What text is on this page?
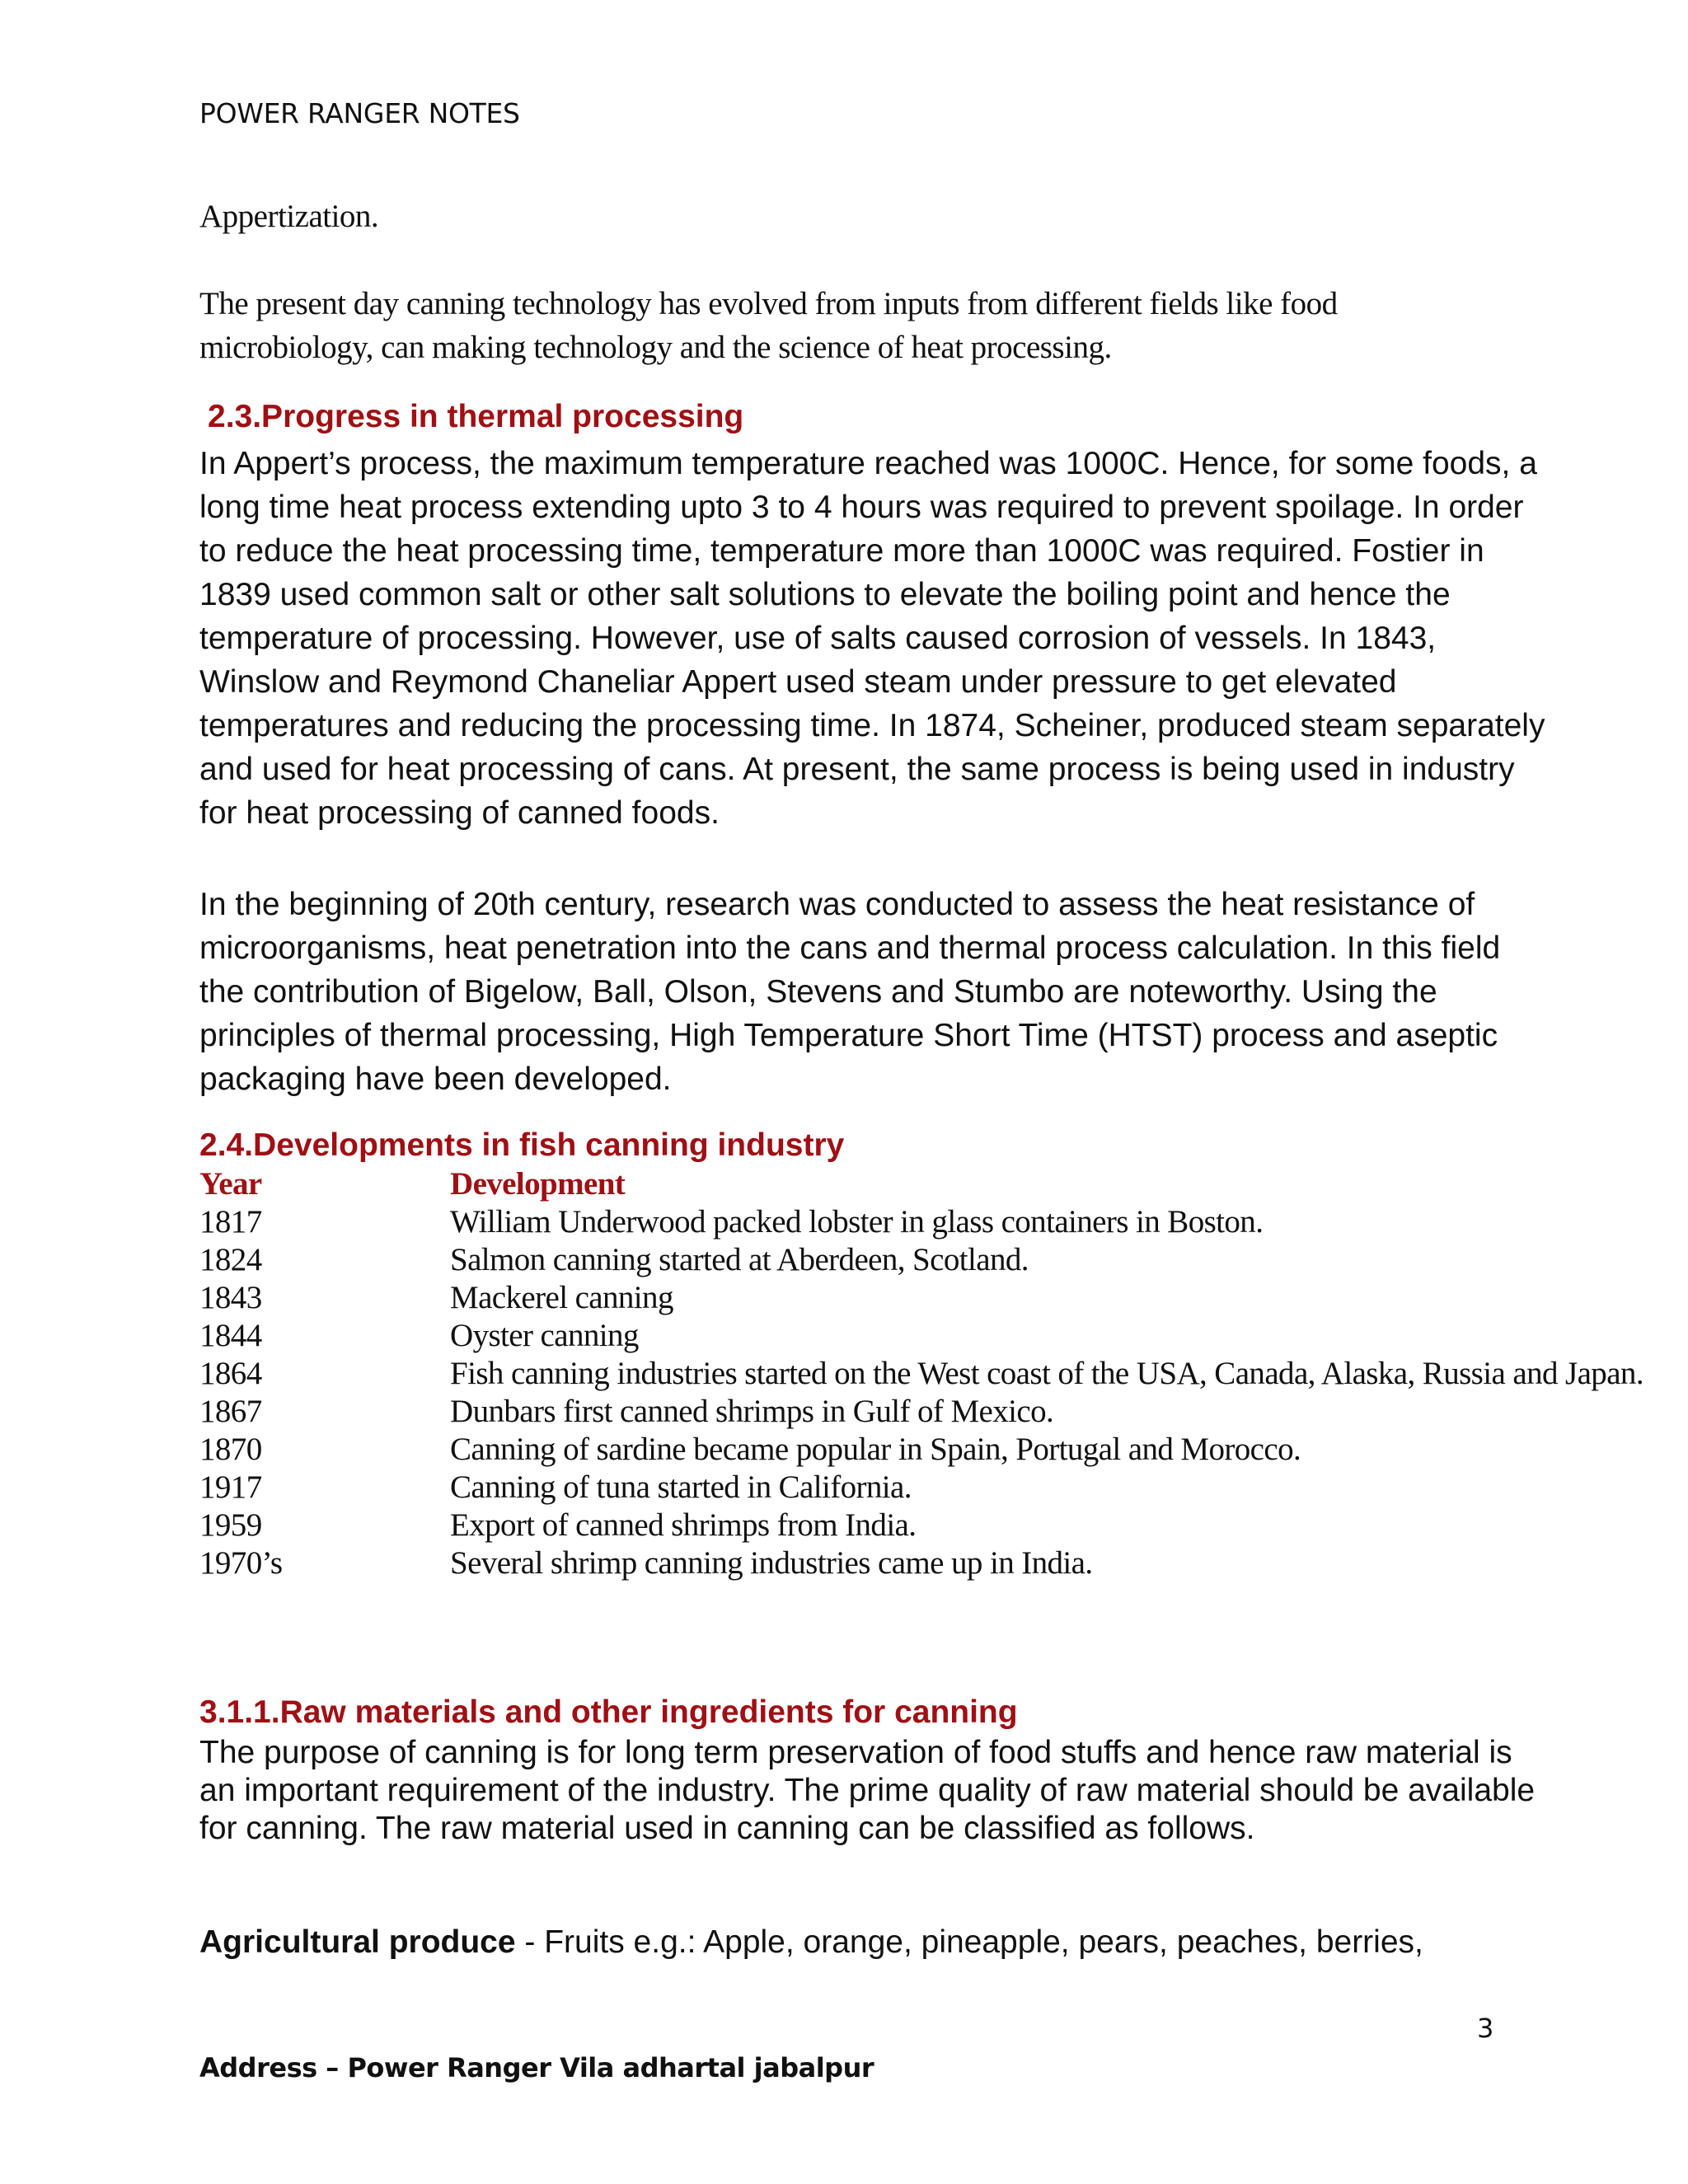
POWER RANGER NOTES
Appertization.
The present day canning technology has evolved from inputs from different fields like food microbiology, can making technology and the science of heat processing.
2.3.Progress in thermal processing
In Appert’s process, the maximum temperature reached was 1000C. Hence, for some foods, a long time heat process extending upto 3 to 4 hours was required to prevent spoilage. In order to reduce the heat processing time, temperature more than 1000C was required. Fostier in 1839 used common salt or other salt solutions to elevate the boiling point and hence the temperature of processing. However, use of salts caused corrosion of vessels. In 1843, Winslow and Reymond Chaneliar Appert used steam under pressure to get elevated temperatures and reducing the processing time. In 1874, Scheiner, produced steam separately and used for heat processing of cans. At present, the same process is being used in industry for heat processing of canned foods.
In the beginning of 20th century, research was conducted to assess the heat resistance of microorganisms, heat penetration into the cans and thermal process calculation. In this field the contribution of Bigelow, Ball, Olson, Stevens and Stumbo are noteworthy. Using the principles of thermal processing, High Temperature Short Time (HTST) process and aseptic packaging have been developed.
2.4.Developments in fish canning industry
Year	Development
1817	William Underwood packed lobster in glass containers in Boston.
1824	Salmon canning started at Aberdeen, Scotland.
1843	Mackerel canning
1844	Oyster canning
1864	Fish canning industries started on the West coast of the USA, Canada, Alaska, Russia and Japan.
1867	Dunbars first canned shrimps in Gulf of Mexico.
1870	Canning of sardine became popular in Spain, Portugal and Morocco.
1917	Canning of tuna started in California.
1959	Export of canned shrimps from India.
1970’s	Several shrimp canning industries came up in India.
3.1.1.Raw materials and other ingredients for canning
The purpose of canning is for long term preservation of food stuffs and hence raw material is an important requirement of the industry. The prime quality of raw material should be available for canning. The raw material used in canning can be classified as follows.
Agricultural produce - Fruits e.g.: Apple, orange, pineapple, pears, peaches, berries,
3
Address – Power Ranger Vila adhartal jabalpur
